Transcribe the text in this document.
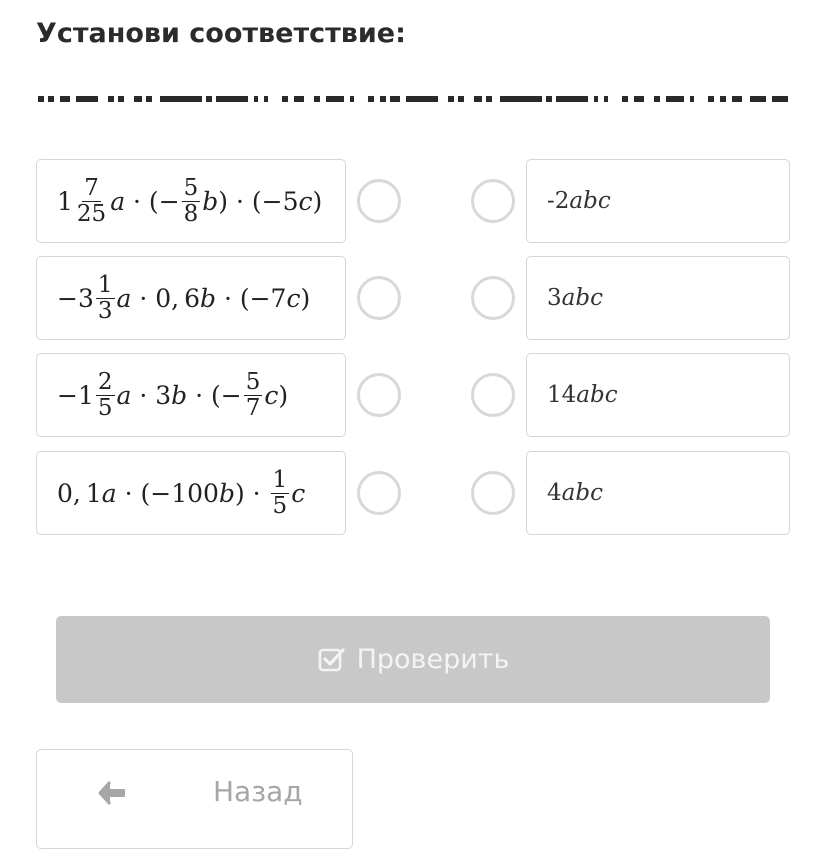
Установи соответствие:
$1 \frac{7}{25}$ a · (− $\frac{5}{8}$ b ) · (−5 c )
$-3 \frac{1}{3}$ a · 0, 6 b · (−7 c )
$-1 \frac{2}{5}$ a · 3 b · (− $\frac{5}{7}$ c )
0, 1 a · (−100 b ) · $\frac{1}{5}$ c
-2abc
3abc
14abc
4abc
Проверить
Назад
